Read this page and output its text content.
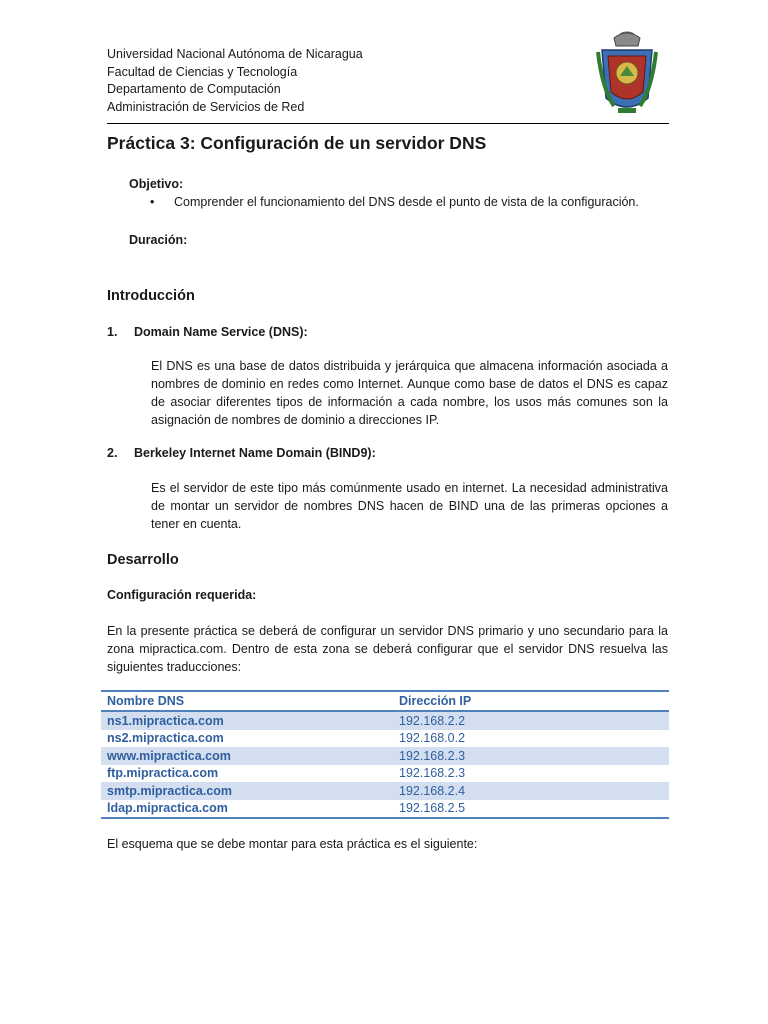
Universidad Nacional Autónoma de Nicaragua
Facultad de Ciencias y Tecnología
Departamento de Computación
Administración de Servicios de Red
Práctica 3: Configuración de un servidor DNS
Objetivo:
•	Comprender el funcionamiento del DNS desde el punto de vista de la configuración.
Duración:
Introducción
1.	Domain Name Service (DNS):
El DNS es una base de datos distribuida y jerárquica que almacena información asociada a nombres de dominio en redes como Internet. Aunque como base de datos el DNS es capaz de asociar diferentes tipos de información a cada nombre, los usos más comunes son la asignación de nombres de dominio a direcciones IP.
2.	Berkeley Internet Name Domain (BIND9):
Es el servidor de este tipo más comúnmente usado en internet. La necesidad administrativa de montar un servidor de nombres DNS hacen de BIND una de las primeras opciones a tener en cuenta.
Desarrollo
Configuración requerida:
En la presente práctica se deberá de configurar un servidor DNS primario y uno secundario para la zona mipractica.com. Dentro de esta zona se deberá configurar que el servidor DNS resuelva las siguientes traducciones:
Nombre DNS	Dirección IP
ns1.mipractica.com	192.168.2.2
ns2.mipractica.com	192.168.0.2
www.mipractica.com	192.168.2.3
ftp.mipractica.com	192.168.2.3
smtp.mipractica.com	192.168.2.4
ldap.mipractica.com	192.168.2.5
El esquema que se debe montar para esta práctica es el siguiente:
